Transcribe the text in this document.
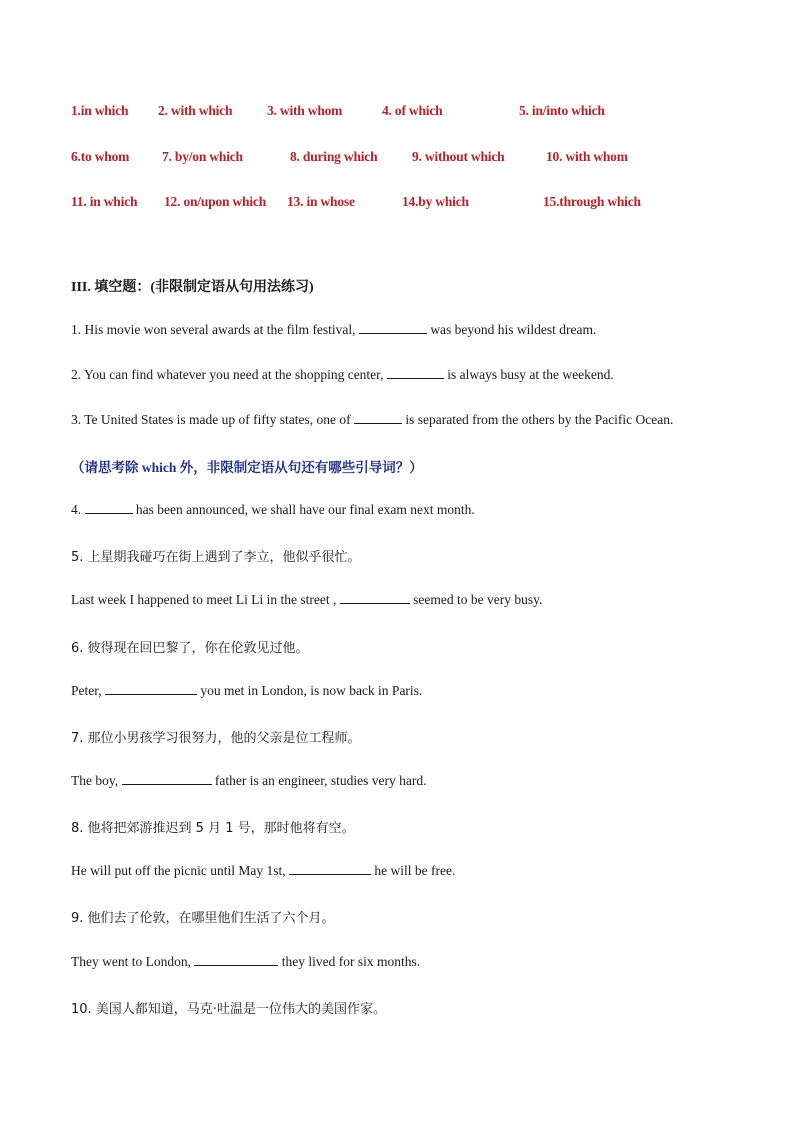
1.in which 2. with which	3. with whom	4. of which	5. in/into which
6.to whom 7. by/on which	8. during which	9. without which	10. with whom
11. in which 12. on/upon which 13. in whose	14.by which	15.through which
III. 填空题：(非限制定语从句用法练习)
1. His movie won several awards at the film festival,	was beyond his wildest dream.
2. You can find whatever you need at the shopping center,	is always busy at the weekend.
3. Te United States is made up of fifty states, one of	is separated from the others by the Pacific Ocean.
（请思考除 which 外，非限制定语从句还有哪些引导词？）
4.	has been announced, we shall have our final exam next month.
5. 上星期我碰巧在街上遇到了李立，他似乎很忙。
Last week I happened to meet Li Li in the street ,	seemed to be very busy.
6. 彼得现在回巴黎了，你在伦敦见过他。
Peter,	you met in London, is now back in Paris.
7. 那位小男孩学习很努力，他的父亲是位工程师。
The boy,	father is an engineer, studies very hard.
8. 他将把郊游推迟到 5 月 1 号，那时他将有空。
He will put off the picnic until May 1st,	he will be free.
9. 他们去了伦敦，在哪里他们生活了六个月。
They went to London,	they lived for six months.
10. 美国人都知道，马克·吐温是一位伟大的美国作家。
